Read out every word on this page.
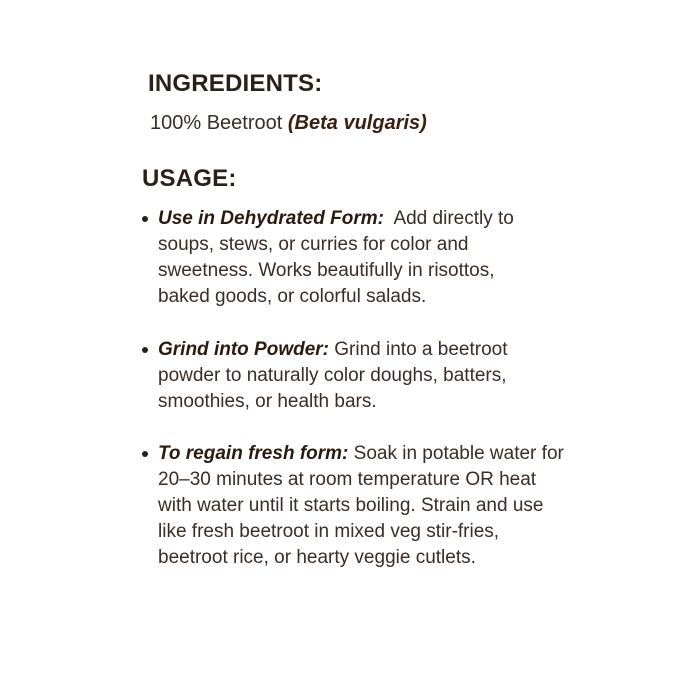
INGREDIENTS:

100% Beetroot (Beta vulgaris)

USAGE:
Use in Dehydrated Form:  Add directly to
soups, stews, or curries for color and
sweetness. Works beautifully in risottos,
baked goods, or colorful salads.
Grind into Powder: Grind into a beetroot
powder to naturally color doughs, batters,
smoothies, or health bars.
To regain fresh form: Soak in potable water for
20–30 minutes at room temperature OR heat
with water until it starts boiling. Strain and use
like fresh beetroot in mixed veg stir-fries,
beetroot rice, or hearty veggie cutlets.
